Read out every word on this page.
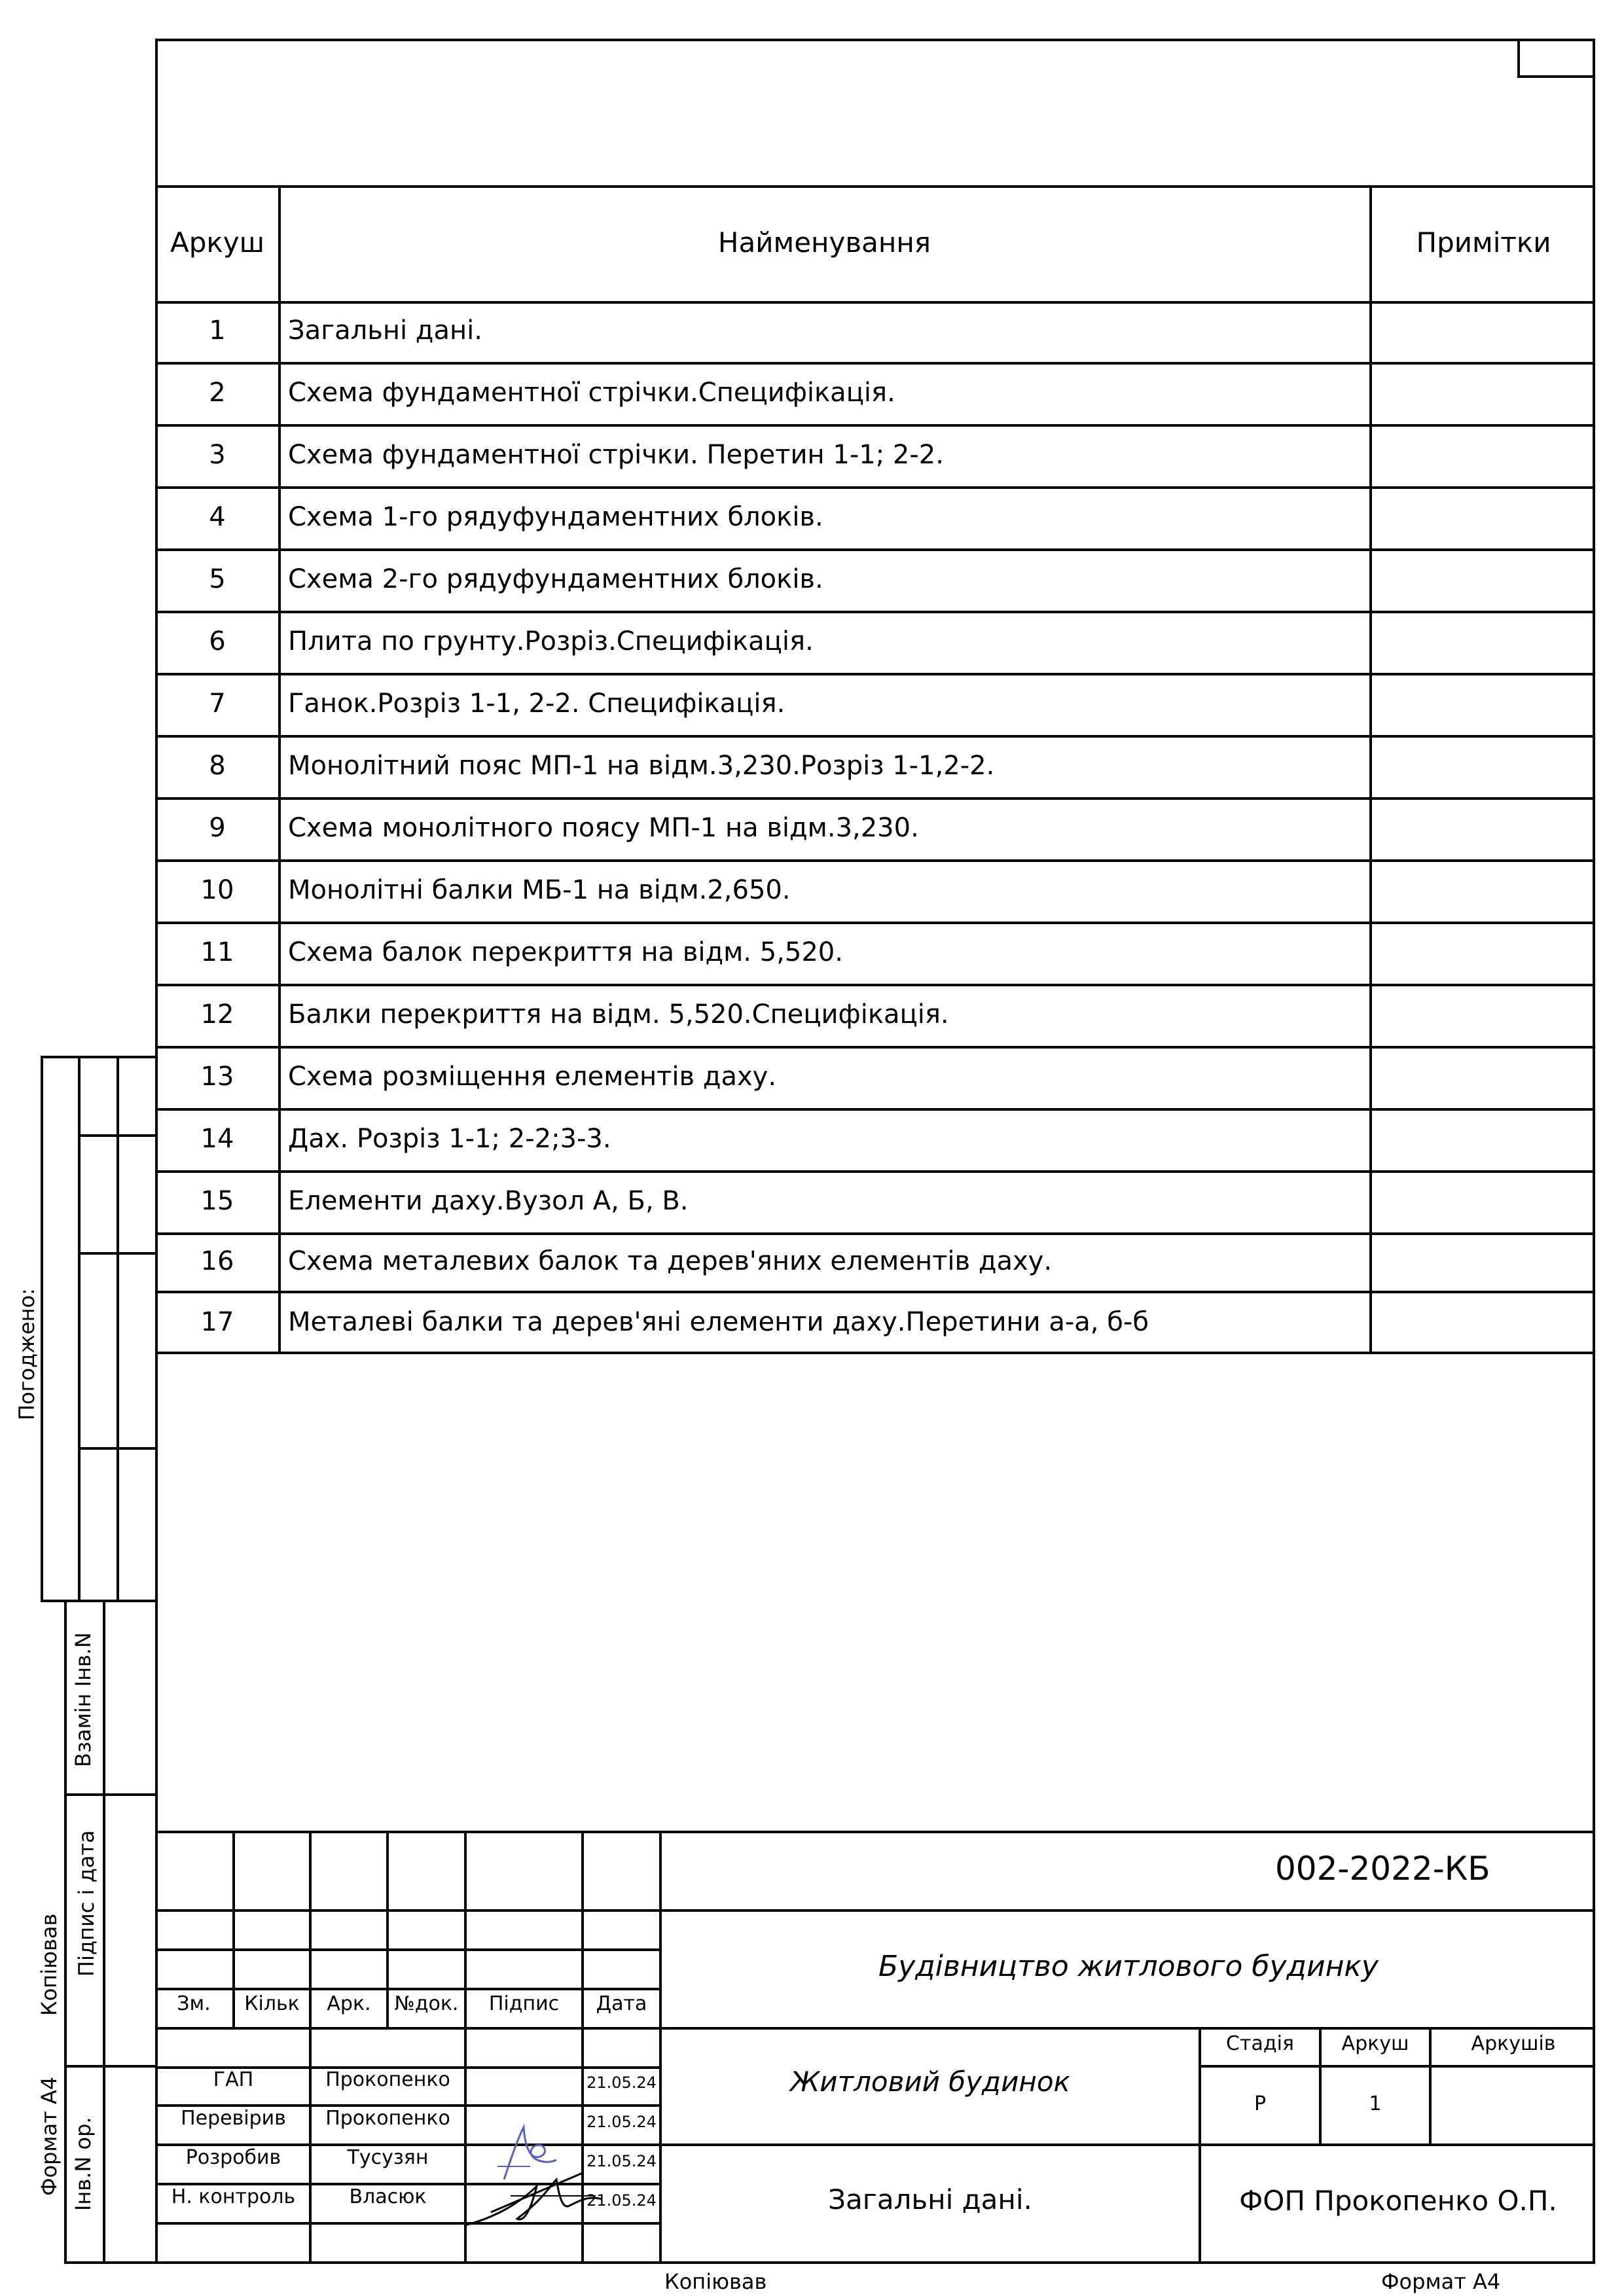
Аркуш	Найменування	Примітки
1	Загальні дані.
2	Схема фундаментної стрічки.Специфікація.
3	Схема фундаментної стрічки. Перетин 1-1; 2-2.
4	Схема 1-го рядуфундаментних блоків.
5	Схема 2-го рядуфундаментних блоків.
6	Плита по грунту.Розріз.Специфікація.
7	Ганок.Розріз 1-1, 2-2. Специфікація.
8	Монолітний пояс МП-1 на відм.3,230.Розріз 1-1,2-2.
9	Схема монолітного поясу МП-1 на відм.3,230.
10	Монолітні балки МБ-1 на відм.2,650.
11	Схема балок перекриття на відм. 5,520.
12	Балки перекриття на відм. 5,520.Специфікація.
13	Схема розміщення елементів даху.
14	Дах. Розріз 1-1; 2-2;3-3.
15	Елементи даху.Вузол А, Б, В.
16	Схема металевих балок та дерев'яних елементів даху.
17	Металеві балки та дерев'яні елементи даху.Перетини а-а, б-б
Погоджено:
Взамін Інв.N
Підпис і дата
Інв.N ор.
Копіював
Формат А4
002-2022-КБ
Будівництво житлового будинку
Зм.	Кільк	Арк.	№док.	Підпис	Дата
ГАП	Прокопенко	21.05.24
Перевірив	Прокопенко	21.05.24
Розробив	Тусузян	21.05.24
Н. контроль	Власюк	21.05.24
Житловий будинок
Загальні дані.
Стадія	Аркуш	Аркушів
Р	1
ФОП Прокопенко О.П.
Копіював	Формат А4
